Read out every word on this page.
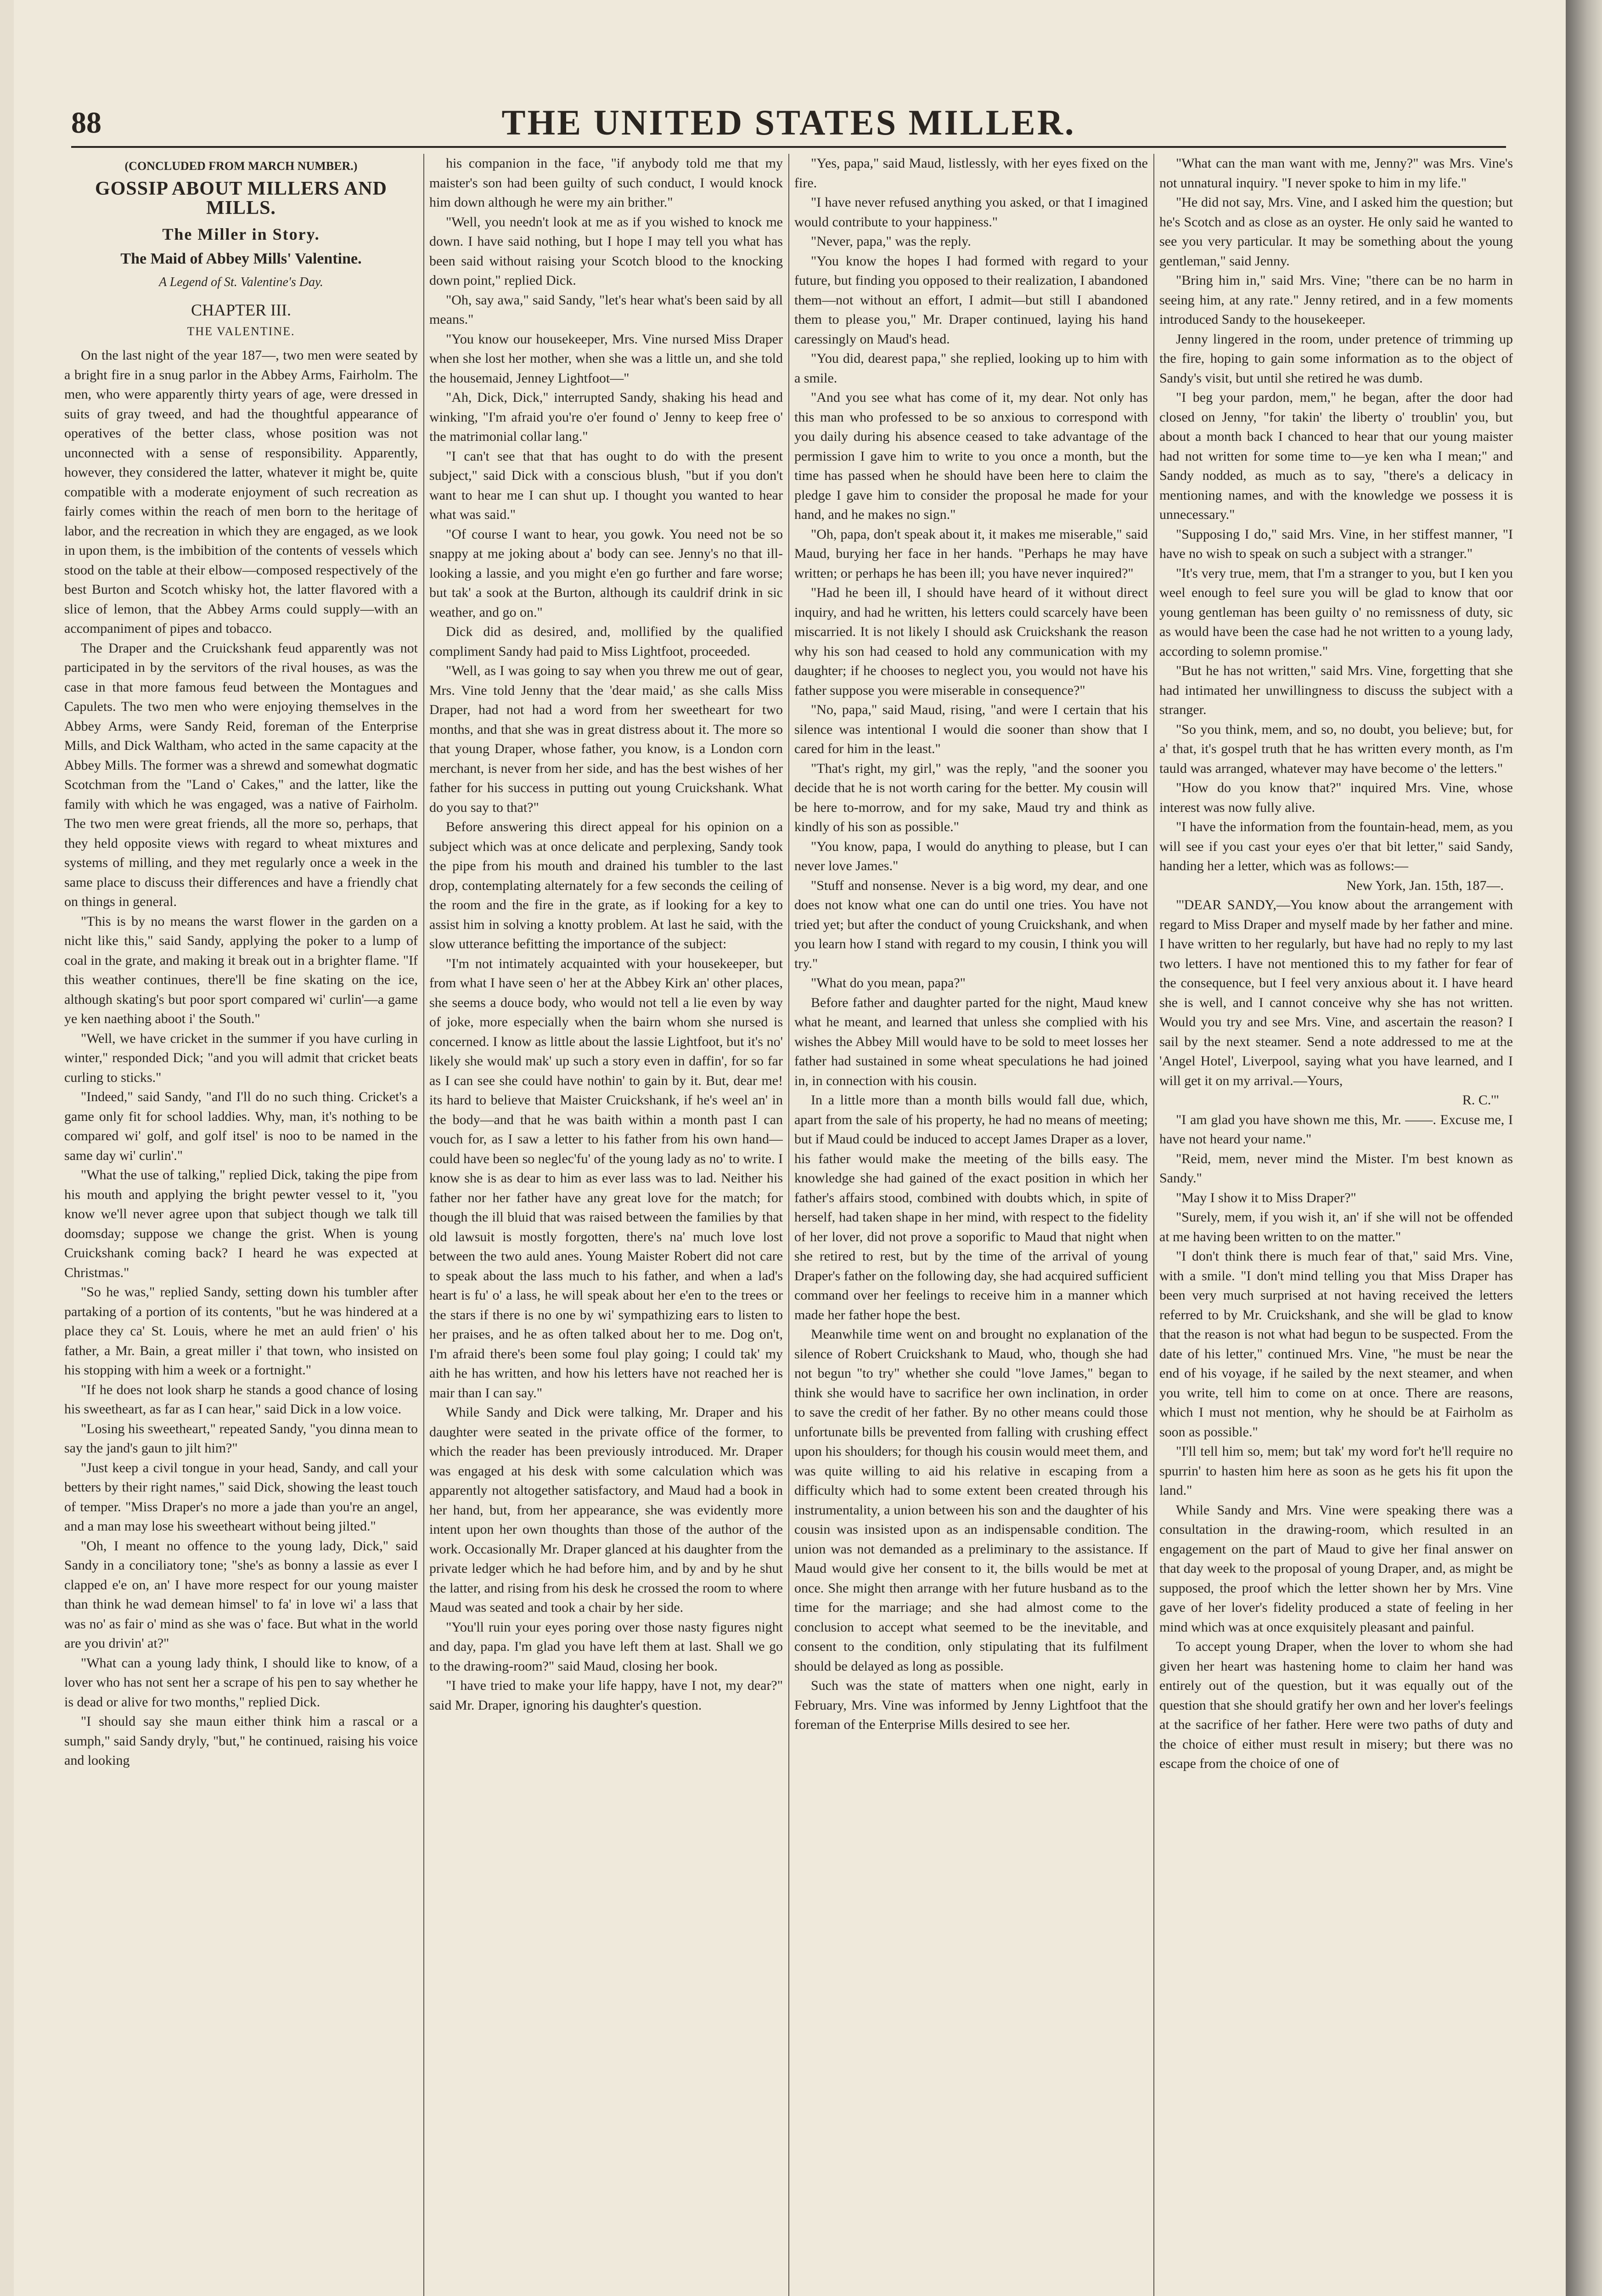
88	THE UNITED STATES MILLER.
(CONCLUDED FROM MARCH NUMBER.)
GOSSIP ABOUT MILLERS AND MILLS.
The Miller in Story.
The Maid of Abbey Mills' Valentine.
A Legend of St. Valentine's Day.
CHAPTER III.
THE VALENTINE.

On the last night of the year 187—, two men were seated by a bright fire in a snug parlor in the Abbey Arms, Fairholm. The men, who were apparently thirty years of age, were dressed in suits of gray tweed, and had the thoughtful appearance of operatives of the better class, whose position was not unconnected with a sense of responsibility. Apparently, however, they considered the latter, whatever it might be, quite compatible with a moderate enjoyment of such recreation as fairly comes within the reach of men born to the heritage of labor, and the recreation in which they are engaged, as we look in upon them, is the imbibition of the contents of vessels which stood on the table at their elbow—composed respectively of the best Burton and Scotch whisky hot, the latter flavored with a slice of lemon, that the Abbey Arms could supply—with an accompaniment of pipes and tobacco.

The Draper and the Cruickshank feud apparently was not participated in by the servitors of the rival houses, as was the case in that more famous feud between the Montagues and Capulets. The two men who were enjoying themselves in the Abbey Arms, were Sandy Reid, foreman of the Enterprise Mills, and Dick Waltham, who acted in the same capacity at the Abbey Mills. The former was a shrewd and somewhat dogmatic Scotchman from the "Land o' Cakes," and the latter, like the family with which he was engaged, was a native of Fairholm. The two men were great friends, all the more so, perhaps, that they held opposite views with regard to wheat mixtures and systems of milling, and they met regularly once a week in the same place to discuss their differences and have a friendly chat on things in general.

"This is by no means the warst flower in the garden on a nicht like this," said Sandy, applying the poker to a lump of coal in the grate, and making it break out in a brighter flame. "If this weather continues, there'll be fine skating on the ice, although skating's but poor sport compared wi' curlin'—a game ye ken naething aboot i' the South."

"Well, we have cricket in the summer if you have curling in winter," responded Dick; "and you will admit that cricket beats curling to sticks."

"Indeed," said Sandy, "and I'll do no such thing. Cricket's a game only fit for school laddies. Why, man, it's nothing to be compared wi' golf, and golf itsel' is noo to be named in the same day wi' curlin'."

"What the use of talking," replied Dick, taking the pipe from his mouth and applying the bright pewter vessel to it, "you know we'll never agree upon that subject though we talk till doomsday; suppose we change the grist. When is young Cruickshank coming back? I heard he was expected at Christmas."

"So he was," replied Sandy, setting down his tumbler after partaking of a portion of its contents, "but he was hindered at a place they ca' St. Louis, where he met an auld frien' o' his father, a Mr. Bain, a great miller i' that town, who insisted on his stopping with him a week or a fortnight."

"If he does not look sharp he stands a good chance of losing his sweetheart, as far as I can hear," said Dick in a low voice.

"Losing his sweetheart," repeated Sandy, "you dinna mean to say the jand's gaun to jilt him?"

"Just keep a civil tongue in your head, Sandy, and call your betters by their right names," said Dick, showing the least touch of temper. "Miss Draper's no more a jade than you're an angel, and a man may lose his sweetheart without being jilted."

"Oh, I meant no offence to the young lady, Dick," said Sandy in a conciliatory tone; "she's as bonny a lassie as ever I clapped e'e on, an' I have more respect for our young maister than think he wad demean himsel' to fa' in love wi' a lass that was no' as fair o' mind as she was o' face. But what in the world are you drivin' at?"

"What can a young lady think, I should like to know, of a lover who has not sent her a scrape of his pen to say whether he is dead or alive for two months," replied Dick.

"I should say she maun either think him a rascal or a sumph," said Sandy dryly, "but," he continued, raising his voice and looking

his companion in the face, "if anybody told me that my maister's son had been guilty of such conduct, I would knock him down although he were my ain brither."

"Well, you needn't look at me as if you wished to knock me down. I have said nothing, but I hope I may tell you what has been said without raising your Scotch blood to the knocking down point," replied Dick.

"Oh, say awa," said Sandy, "let's hear what's been said by all means."

"You know our housekeeper, Mrs. Vine nursed Miss Draper when she lost her mother, when she was a little un, and she told the housemaid, Jenney Lightfoot—"

"Ah, Dick, Dick," interrupted Sandy, shaking his head and winking, "I'm afraid you're o'er found o' Jenny to keep free o' the matrimonial collar lang."

"I can't see that that has ought to do with the present subject," said Dick with a conscious blush, "but if you don't want to hear me I can shut up. I thought you wanted to hear what was said."

"Of course I want to hear, you gowk. You need not be so snappy at me joking about a' body can see. Jenny's no that ill-looking a lassie, and you might e'en go further and fare worse; but tak' a sook at the Burton, although its cauldrif drink in sic weather, and go on."

Dick did as desired, and, mollified by the qualified compliment Sandy had paid to Miss Lightfoot, proceeded.

"Well, as I was going to say when you threw me out of gear, Mrs. Vine told Jenny that the 'dear maid,' as she calls Miss Draper, had not had a word from her sweetheart for two months, and that she was in great distress about it. The more so that young Draper, whose father, you know, is a London corn merchant, is never from her side, and has the best wishes of her father for his success in putting out young Cruickshank. What do you say to that?"

Before answering this direct appeal for his opinion on a subject which was at once delicate and perplexing, Sandy took the pipe from his mouth and drained his tumbler to the last drop, contemplating alternately for a few seconds the ceiling of the room and the fire in the grate, as if looking for a key to assist him in solving a knotty problem. At last he said, with the slow utterance befitting the importance of the subject:

"I'm not intimately acquainted with your housekeeper, but from what I have seen o' her at the Abbey Kirk an' other places, she seems a douce body, who would not tell a lie even by way of joke, more especially when the bairn whom she nursed is concerned. I know as little about the lassie Lightfoot, but it's no' likely she would mak' up such a story even in daffin', for so far as I can see she could have nothin' to gain by it. But, dear me! its hard to believe that Maister Cruickshank, if he's weel an' in the body—and that he was baith within a month past I can vouch for, as I saw a letter to his father from his own hand—could have been so neglec'fu' of the young lady as no' to write. I know she is as dear to him as ever lass was to lad. Neither his father nor her father have any great love for the match; for though the ill bluid that was raised between the families by that old lawsuit is mostly forgotten, there's na' much love lost between the two auld anes. Young Maister Robert did not care to speak about the lass much to his father, and when a lad's heart is fu' o' a lass, he will speak about her e'en to the trees or the stars if there is no one by wi' sympathizing ears to listen to her praises, and he as often talked about her to me. Dog on't, I'm afraid there's been some foul play going; I could tak' my aith he has written, and how his letters have not reached her is mair than I can say."

While Sandy and Dick were talking, Mr. Draper and his daughter were seated in the private office of the former, to which the reader has been previously introduced. Mr. Draper was engaged at his desk with some calculation which was apparently not altogether satisfactory, and Maud had a book in her hand, but, from her appearance, she was evidently more intent upon her own thoughts than those of the author of the work. Occasionally Mr. Draper glanced at his daughter from the private ledger which he had before him, and by and by he shut the latter, and rising from his desk he crossed the room to where Maud was seated and took a chair by her side.

"You'll ruin your eyes poring over those nasty figures night and day, papa. I'm glad you have left them at last. Shall we go to the drawing-room?" said Maud, closing her book.

"I have tried to make your life happy, have I not, my dear?" said Mr. Draper, ignoring his daughter's question.

"Yes, papa," said Maud, listlessly, with her eyes fixed on the fire.

"I have never refused anything you asked, or that I imagined would contribute to your happiness."

"Never, papa," was the reply.

"You know the hopes I had formed with regard to your future, but finding you opposed to their realization, I abandoned them—not without an effort, I admit—but still I abandoned them to please you," Mr. Draper continued, laying his hand caressingly on Maud's head.

"You did, dearest papa," she replied, looking up to him with a smile.

"And you see what has come of it, my dear. Not only has this man who professed to be so anxious to correspond with you daily during his absence ceased to take advantage of the permission I gave him to write to you once a month, but the time has passed when he should have been here to claim the pledge I gave him to consider the proposal he made for your hand, and he makes no sign."

"Oh, papa, don't speak about it, it makes me miserable," said Maud, burying her face in her hands. "Perhaps he may have written; or perhaps he has been ill; you have never inquired?"

"Had he been ill, I should have heard of it without direct inquiry, and had he written, his letters could scarcely have been miscarried. It is not likely I should ask Cruickshank the reason why his son had ceased to hold any communication with my daughter; if he chooses to neglect you, you would not have his father suppose you were miserable in consequence?"

"No, papa," said Maud, rising, "and were I certain that his silence was intentional I would die sooner than show that I cared for him in the least."

"That's right, my girl," was the reply, "and the sooner you decide that he is not worth caring for the better. My cousin will be here to-morrow, and for my sake, Maud try and think as kindly of his son as possible."

"You know, papa, I would do anything to please, but I can never love James."

"Stuff and nonsense. Never is a big word, my dear, and one does not know what one can do until one tries. You have not tried yet; but after the conduct of young Cruickshank, and when you learn how I stand with regard to my cousin, I think you will try."

"What do you mean, papa?"

Before father and daughter parted for the night, Maud knew what he meant, and learned that unless she complied with his wishes the Abbey Mill would have to be sold to meet losses her father had sustained in some wheat speculations he had joined in, in connection with his cousin.

In a little more than a month bills would fall due, which, apart from the sale of his property, he had no means of meeting; but if Maud could be induced to accept James Draper as a lover, his father would make the meeting of the bills easy. The knowledge she had gained of the exact position in which her father's affairs stood, combined with doubts which, in spite of herself, had taken shape in her mind, with respect to the fidelity of her lover, did not prove a soporific to Maud that night when she retired to rest, but by the time of the arrival of young Draper's father on the following day, she had acquired sufficient command over her feelings to receive him in a manner which made her father hope the best.

Meanwhile time went on and brought no explanation of the silence of Robert Cruickshank to Maud, who, though she had not begun "to try" whether she could "love James," began to think she would have to sacrifice her own inclination, in order to save the credit of her father. By no other means could those unfortunate bills be prevented from falling with crushing effect upon his shoulders; for though his cousin would meet them, and was quite willing to aid his relative in escaping from a difficulty which had to some extent been created through his instrumentality, a union between his son and the daughter of his cousin was insisted upon as an indispensable condition. The union was not demanded as a preliminary to the assistance. If Maud would give her consent to it, the bills would be met at once. She might then arrange with her future husband as to the time for the marriage; and she had almost come to the conclusion to accept what seemed to be the inevitable, and consent to the condition, only stipulating that its fulfilment should be delayed as long as possible.

Such was the state of matters when one night, early in February, Mrs. Vine was informed by Jenny Lightfoot that the foreman of the Enterprise Mills desired to see her.

"What can the man want with me, Jenny?" was Mrs. Vine's not unnatural inquiry. "I never spoke to him in my life."

"He did not say, Mrs. Vine, and I asked him the question; but he's Scotch and as close as an oyster. He only said he wanted to see you very particular. It may be something about the young gentleman," said Jenny.

"Bring him in," said Mrs. Vine; "there can be no harm in seeing him, at any rate." Jenny retired, and in a few moments introduced Sandy to the housekeeper.

Jenny lingered in the room, under pretence of trimming up the fire, hoping to gain some information as to the object of Sandy's visit, but until she retired he was dumb.

"I beg your pardon, mem," he began, after the door had closed on Jenny, "for takin' the liberty o' troublin' you, but about a month back I chanced to hear that our young maister had not written for some time to—ye ken wha I mean;" and Sandy nodded, as much as to say, "there's a delicacy in mentioning names, and with the knowledge we possess it is unnecessary."

"Supposing I do," said Mrs. Vine, in her stiffest manner, "I have no wish to speak on such a subject with a stranger."

"It's very true, mem, that I'm a stranger to you, but I ken you weel enough to feel sure you will be glad to know that oor young gentleman has been guilty o' no remissness of duty, sic as would have been the case had he not written to a young lady, according to solemn promise."

"But he has not written," said Mrs. Vine, forgetting that she had intimated her unwillingness to discuss the subject with a stranger.

"So you think, mem, and so, no doubt, you believe; but, for a' that, it's gospel truth that he has written every month, as I'm tauld was arranged, whatever may have become o' the letters."

"How do you know that?" inquired Mrs. Vine, whose interest was now fully alive.

"I have the information from the fountain-head, mem, as you will see if you cast your eyes o'er that bit letter," said Sandy, handing her a letter, which was as follows:—

New York, Jan. 15th, 187—.

"'DEAR SANDY,—You know about the arrangement with regard to Miss Draper and myself made by her father and mine. I have written to her regularly, but have had no reply to my last two letters. I have not mentioned this to my father for fear of the consequence, but I feel very anxious about it. I have heard she is well, and I cannot conceive why she has not written. Would you try and see Mrs. Vine, and ascertain the reason? I sail by the next steamer. Send a note addressed to me at the 'Angel Hotel', Liverpool, saying what you have learned, and I will get it on my arrival.—Yours,

R. C.'"

"I am glad you have shown me this, Mr. ——. Excuse me, I have not heard your name."

"Reid, mem, never mind the Mister. I'm best known as Sandy."

"May I show it to Miss Draper?"

"Surely, mem, if you wish it, an' if she will not be offended at me having been written to on the matter."

"I don't think there is much fear of that," said Mrs. Vine, with a smile. "I don't mind telling you that Miss Draper has been very much surprised at not having received the letters referred to by Mr. Cruickshank, and she will be glad to know that the reason is not what had begun to be suspected. From the date of his letter," continued Mrs. Vine, "he must be near the end of his voyage, if he sailed by the next steamer, and when you write, tell him to come on at once. There are reasons, which I must not mention, why he should be at Fairholm as soon as possible."

"I'll tell him so, mem; but tak' my word for't he'll require no spurrin' to hasten him here as soon as he gets his fit upon the land."

While Sandy and Mrs. Vine were speaking there was a consultation in the drawing-room, which resulted in an engagement on the part of Maud to give her final answer on that day week to the proposal of young Draper, and, as might be supposed, the proof which the letter shown her by Mrs. Vine gave of her lover's fidelity produced a state of feeling in her mind which was at once exquisitely pleasant and painful.

To accept young Draper, when the lover to whom she had given her heart was hastening home to claim her hand was entirely out of the question, but it was equally out of the question that she should gratify her own and her lover's feelings at the sacrifice of her father. Here were two paths of duty and the choice of either must result in misery; but there was no escape from the choice of one of
